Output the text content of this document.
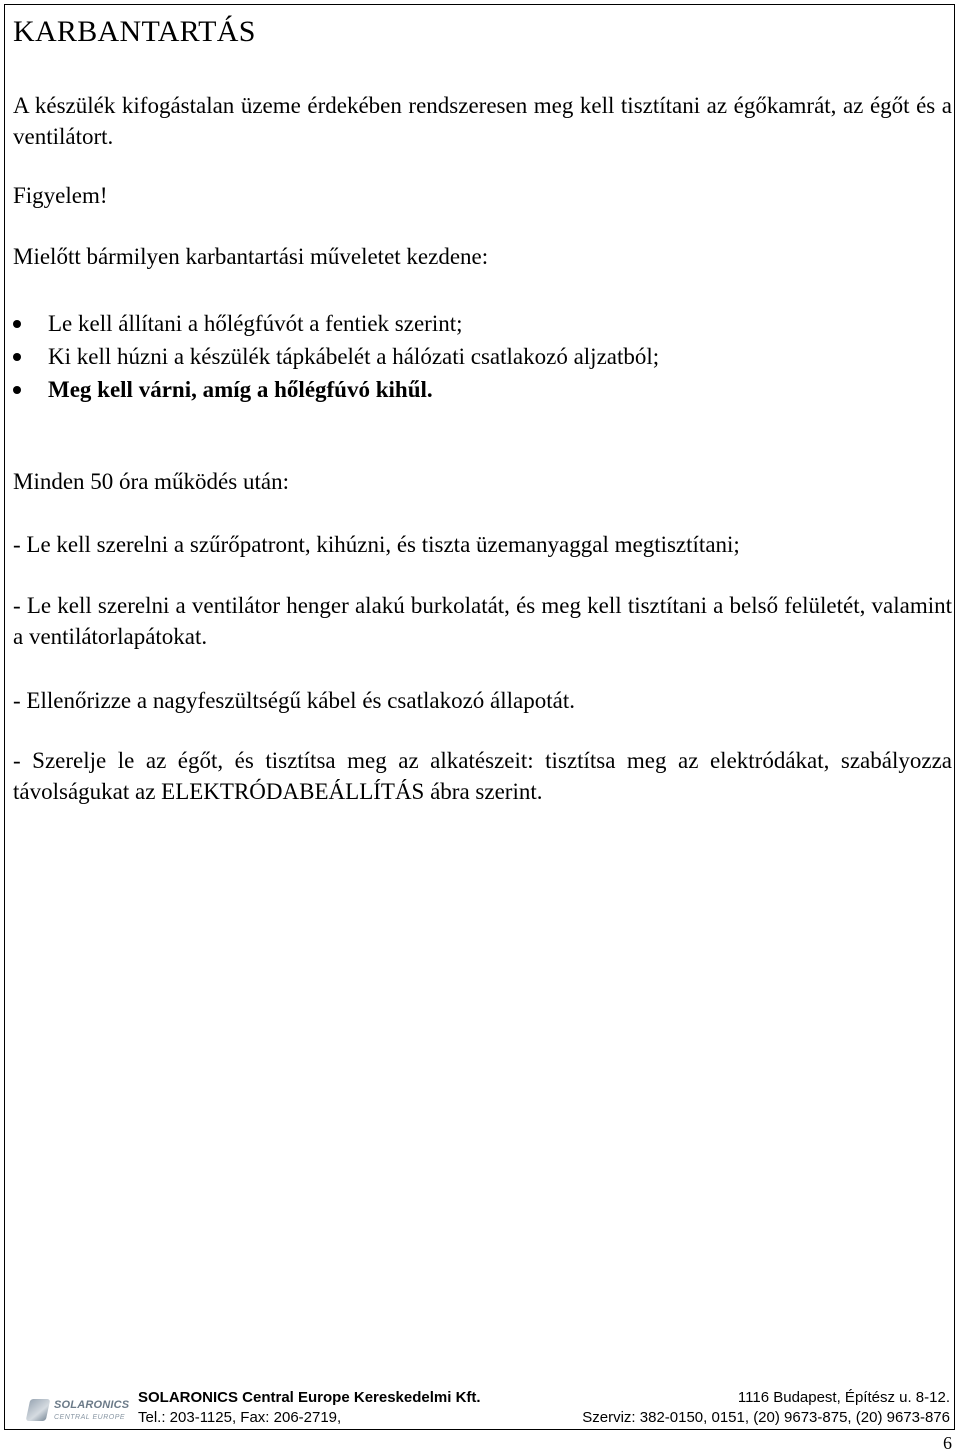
KARBANTARTÁS

A készülék kifogástalan üzeme érdekében rendszeresen meg kell tisztítani az égőkamrát, az égőt és a ventilátort.

Figyelem!

Mielőtt bármilyen karbantartási műveletet kezdene:

Le kell állítani a hőlégfúvót a fentiek szerint;
Ki kell húzni a készülék tápkábelét a hálózati csatlakozó aljzatból;
Meg kell várni, amíg a hőlégfúvó kihűl.

Minden 50 óra működés után:

- Le kell szerelni a szűrőpatront, kihúzni, és tiszta üzemanyaggal megtisztítani;

- Le kell szerelni a ventilátor henger alakú burkolatát, és meg kell tisztítani a belső felületét, valamint a ventilátorlapátokat.

- Ellenőrizze a nagyfeszültségű kábel és csatlakozó állapotát.

- Szerelje le az égőt, és tisztítsa meg az alkatészeit: tisztítsa meg az elektródákat, szabályozza távolságukat az ELEKTRÓDABEÁLLÍTÁS ábra szerint.

SOLARONICS
CENTRAL EUROPE
SOLARONICS Central Europe Kereskedelmi Kft.	1116 Budapest, Építész u. 8-12.
Tel.: 203-1125, Fax: 206-2719,	Szerviz: 382-0150, 0151, (20) 9673-875, (20) 9673-876
6
